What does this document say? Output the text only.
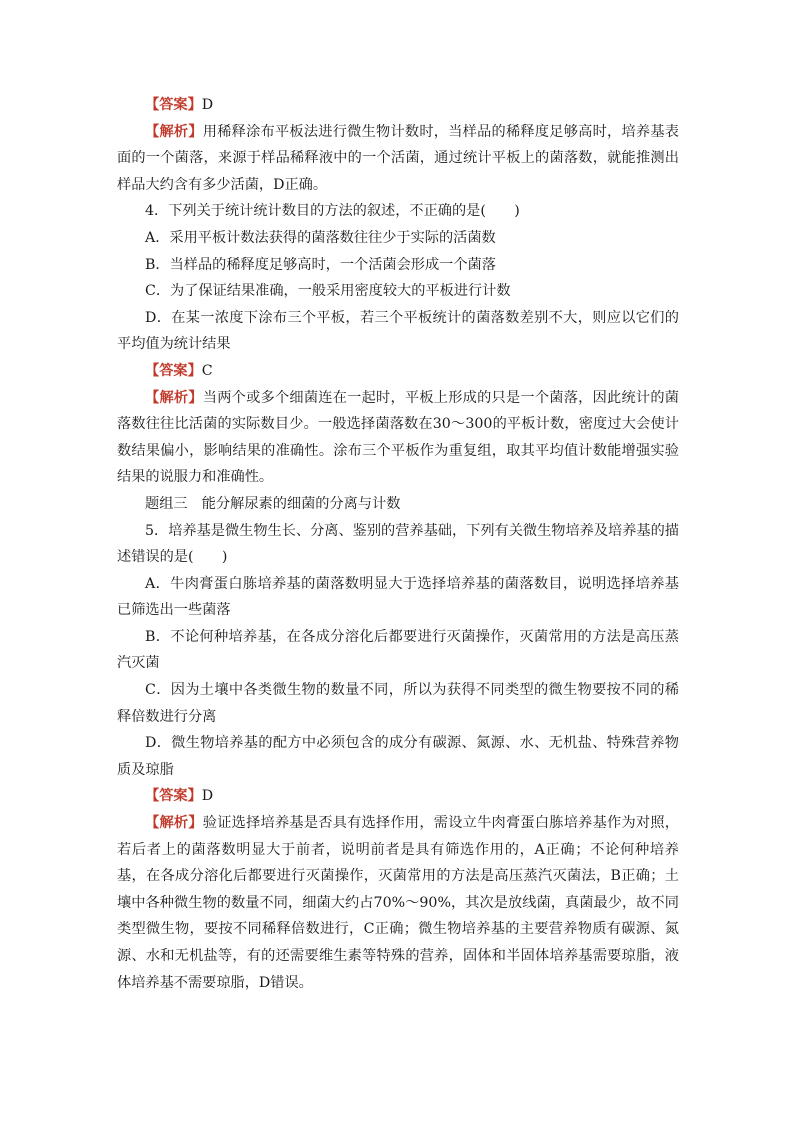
【答案】D

【解析】用稀释涂布平板法进行微生物计数时，当样品的稀释度足够高时，培养基表面的一个菌落，来源于样品稀释液中的一个活菌，通过统计平板上的菌落数，就能推测出样品大约含有多少活菌，D正确。

4．下列关于统计统计数目的方法的叙述，不正确的是(　　)

A．采用平板计数法获得的菌落数往往少于实际的活菌数

B．当样品的稀释度足够高时，一个活菌会形成一个菌落

C．为了保证结果准确，一般采用密度较大的平板进行计数

D．在某一浓度下涂布三个平板，若三个平板统计的菌落数差别不大，则应以它们的平均值为统计结果

【答案】C

【解析】当两个或多个细菌连在一起时，平板上形成的只是一个菌落，因此统计的菌落数往往比活菌的实际数目少。一般选择菌落数在30～300的平板计数，密度过大会使计数结果偏小，影响结果的准确性。涂布三个平板作为重复组，取其平均值计数能增强实验结果的说服力和准确性。

题组三　能分解尿素的细菌的分离与计数

5．培养基是微生物生长、分离、鉴别的营养基础，下列有关微生物培养及培养基的描述错误的是(　　)

A．牛肉膏蛋白胨培养基的菌落数明显大于选择培养基的菌落数目，说明选择培养基已筛选出一些菌落

B．不论何种培养基，在各成分溶化后都要进行灭菌操作，灭菌常用的方法是高压蒸汽灭菌

C．因为土壤中各类微生物的数量不同，所以为获得不同类型的微生物要按不同的稀释倍数进行分离

D．微生物培养基的配方中必须包含的成分有碳源、氮源、水、无机盐、特殊营养物质及琼脂

【答案】D

【解析】验证选择培养基是否具有选择作用，需设立牛肉膏蛋白胨培养基作为对照，若后者上的菌落数明显大于前者，说明前者是具有筛选作用的，A正确；不论何种培养基，在各成分溶化后都要进行灭菌操作，灭菌常用的方法是高压蒸汽灭菌法，B正确；土壤中各种微生物的数量不同，细菌大约占70%～90%，其次是放线菌，真菌最少，故不同类型微生物，要按不同稀释倍数进行，C正确；微生物培养基的主要营养物质有碳源、氮源、水和无机盐等，有的还需要维生素等特殊的营养，固体和半固体培养基需要琼脂，液体培养基不需要琼脂，D错误。
